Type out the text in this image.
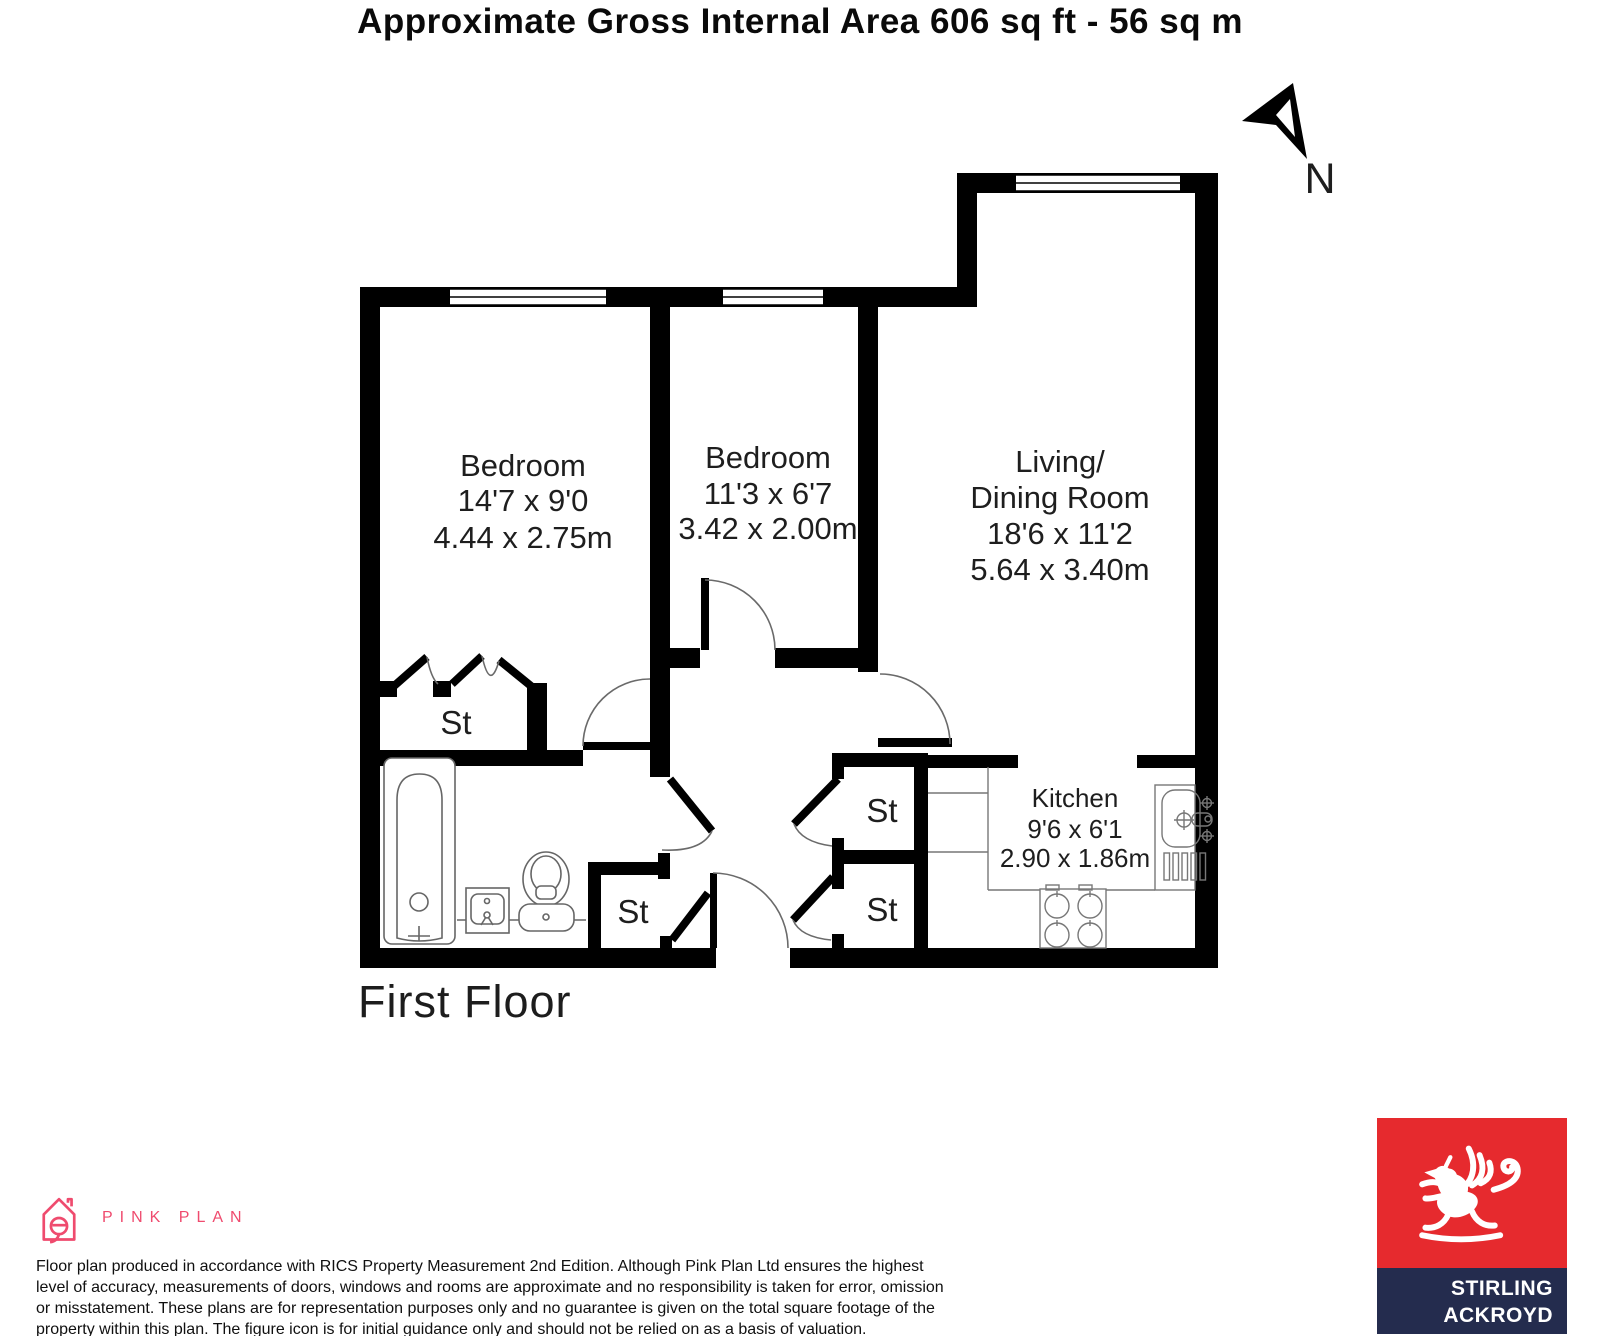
Approximate Gross Internal Area 606 sq ft - 56 sq m
Bedroom
14'7 x 9'0
4.44 x 2.75m
Bedroom
11'3 x 6'7
3.42 x 2.00m
Living/
Dining Room
18'6 x 11'2
5.64 x 3.40m
Kitchen
9'6 x 6'1
2.90 x 1.86m
St
St
St
St
N
First Floor
PINK PLAN
Floor plan produced in accordance with RICS Property Measurement 2nd Edition. Although Pink Plan Ltd ensures the highest
level of accuracy, measurements of doors, windows and rooms are approximate and no responsibility is taken for error, omission
or misstatement. These plans are for representation purposes only and no guarantee is given on the total square footage of the
property within this plan. The figure icon is for initial guidance only and should not be relied on as a basis of valuation.
STIRLING
ACKROYD
